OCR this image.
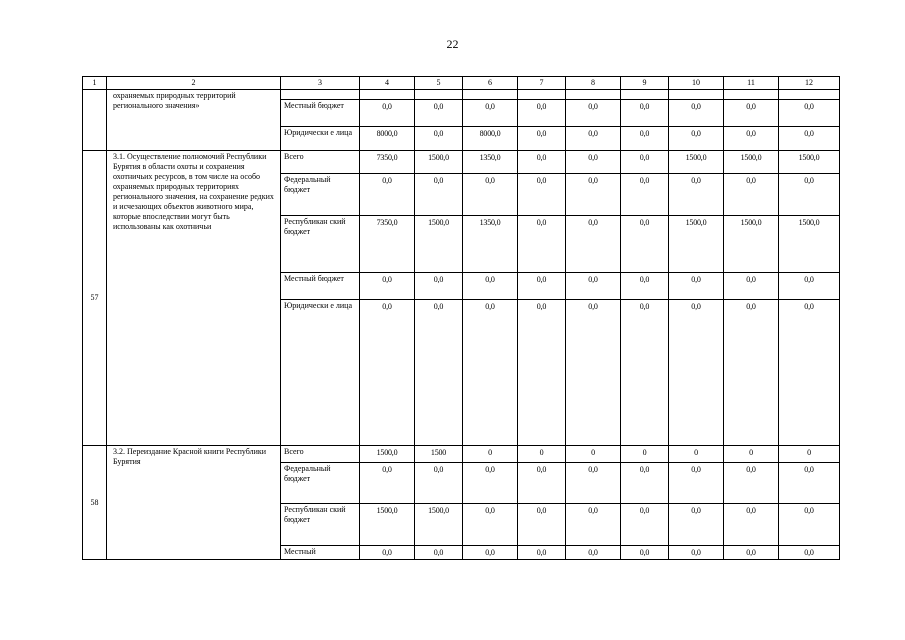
22
1	2	3	4	5	6	7	8	9	10	11	12
	охраняемых природных территорий регионального значения»										
		Местный бюджет	0,0	0,0	0,0	0,0	0,0	0,0	0,0	0,0	0,0
		Юридически е лица	8000,0	0,0	8000,0	0,0	0,0	0,0	0,0	0,0	0,0
57	3.1. Осуществление полномочий Республики Бурятия в области охоты и сохранения охотничьих ресурсов, в том числе на особо охраняемых природных территориях регионального значения, на сохранение редких и исчезающих объектов животного мира, которые впоследствии могут быть использованы как охотничьи	Всего	7350,0	1500,0	1350,0	0,0	0,0	0,0	1500,0	1500,0	1500,0
		Федеральный бюджет	0,0	0,0	0,0	0,0	0,0	0,0	0,0	0,0	0,0
		Республикан ский бюджет	7350,0	1500,0	1350,0	0,0	0,0	0,0	1500,0	1500,0	1500,0
		Местный бюджет	0,0	0,0	0,0	0,0	0,0	0,0	0,0	0,0	0,0
		Юридически е лица	0,0	0,0	0,0	0,0	0,0	0,0	0,0	0,0	0,0
58	3.2. Переиздание Красной книги Республики Бурятия	Всего	1500,0	1500	0	0	0	0	0	0	0
		Федеральный бюджет	0,0	0,0	0,0	0,0	0,0	0,0	0,0	0,0	0,0
		Республикан ский бюджет	1500,0	1500,0	0,0	0,0	0,0	0,0	0,0	0,0	0,0
		Местный	0,0	0,0	0,0	0,0	0,0	0,0	0,0	0,0	0,0
